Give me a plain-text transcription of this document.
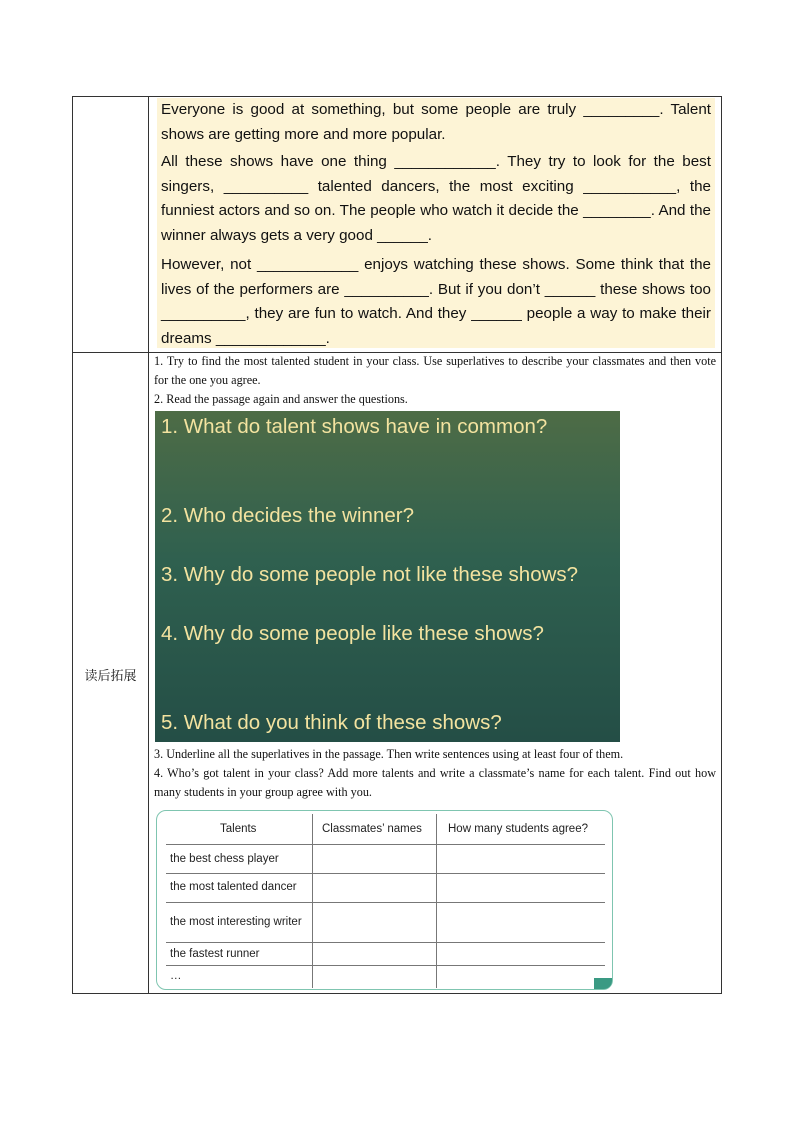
读后拓展

Everyone is good at something, but some people are truly _________. Talent shows are getting more and more popular.

All these shows have one thing ____________. They try to look for the best singers, __________ talented dancers, the most exciting ___________, the funniest actors and so on. The people who watch it decide the ________. And the winner always gets a very good ______.

However, not ____________ enjoys watching these shows. Some think that the lives of the performers are __________. But if you don’t ______ these shows too __________, they are fun to watch. And they ______ people a way to make their dreams _____________.

1. Try to find the most talented student in your class. Use superlatives to describe your classmates and then vote for the one you agree.
2. Read the passage again and answer the questions.
1. What do talent shows have in common?
2. Who decides the winner?
3. Why do some people not like these shows?
4. Why do some people like these shows?
5. What do you think of these shows?
3. Underline all the superlatives in the passage. Then write sentences using at least four of them.
4. Who’s got talent in your class? Add more talents and write a classmate’s name for each talent. Find out how many students in your group agree with you.
Talents	Classmates’ names How many students agree?
the best chess player
the most talented dancer
the most interesting writer
the fastest runner
…
